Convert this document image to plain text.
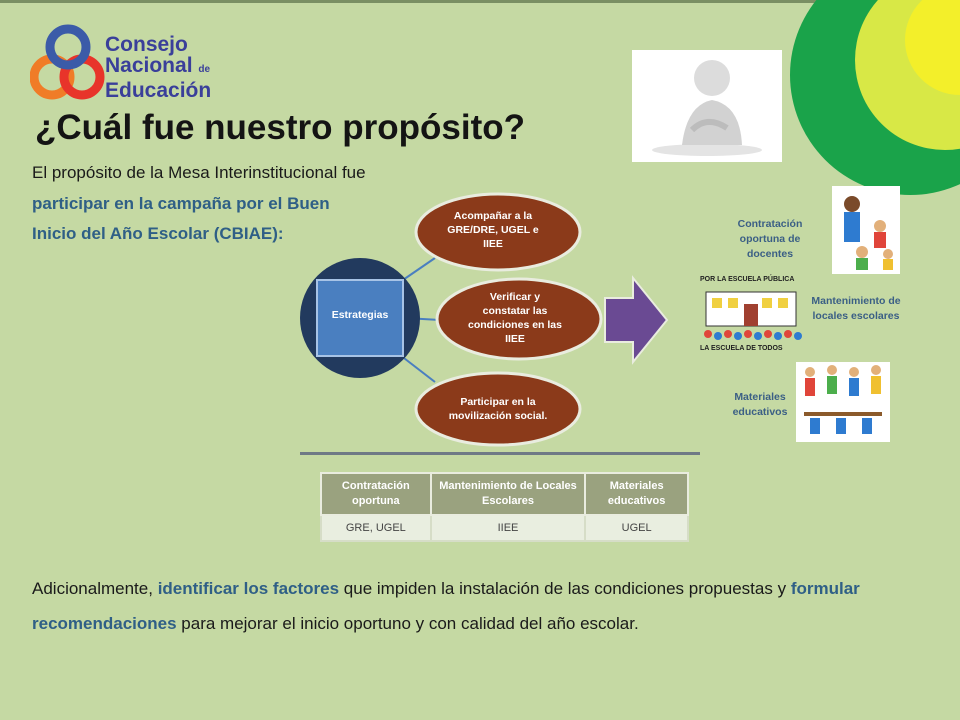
Consejo
Nacional de
Educación
¿Cuál fue nuestro propósito?
El propósito de la Mesa Interinstitucional fue participar en la campaña por el Buen Inicio del Año Escolar (CBIAE):
Estrategias
Acompañar a la
GRE/DRE, UGEL e
IIEE
Verificar y
constatar las
condiciones en las
IIEE
Participar en la
movilización social.
Contratación
oportuna de
docentes
POR LA ESCUELA PÚBLICA
LA ESCUELA DE TODOS
Mantenimiento de
locales escolares
Materiales
educativos
Contratación oportuna	Mantenimiento de Locales Escolares	Materiales educativos
GRE, UGEL	IIEE	UGEL
Adicionalmente, identificar los factores que impiden la instalación de las condiciones propuestas y formular recomendaciones para mejorar el inicio oportuno y con calidad del año escolar.
